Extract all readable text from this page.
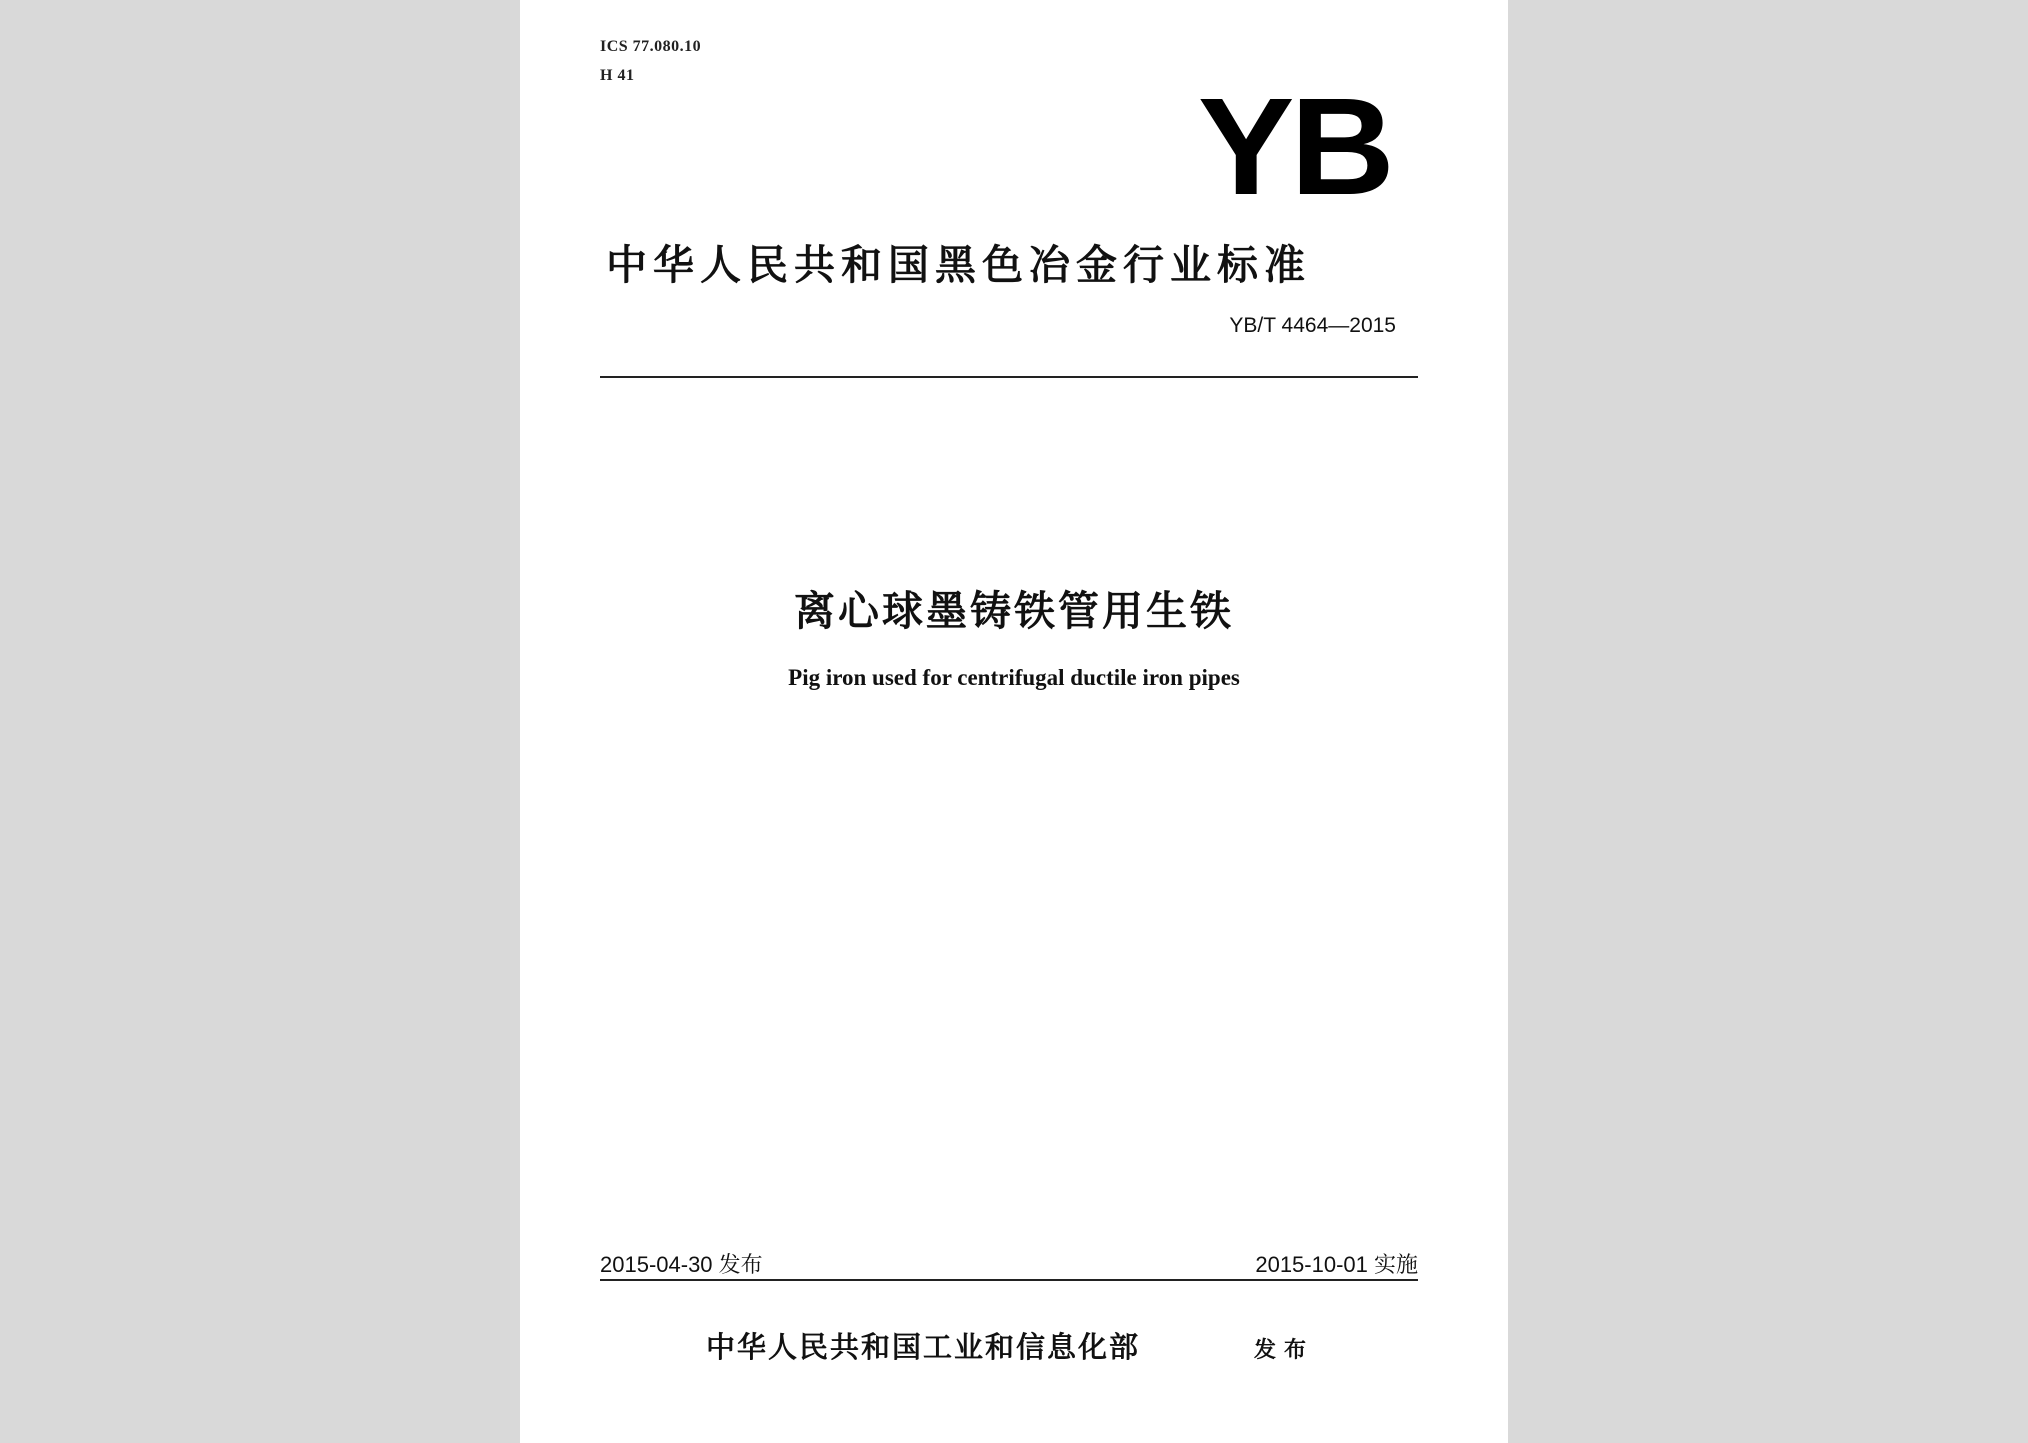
ICS 77.080.10
H 41	YB
中华人民共和国黑色冶金行业标准
YB/T 4464—2015
离心球墨铸铁管用生铁
Pig iron used for centrifugal ductile iron pipes
2015-04-30 发布	2015-10-01 实施
中华人民共和国工业和信息化部	发布
